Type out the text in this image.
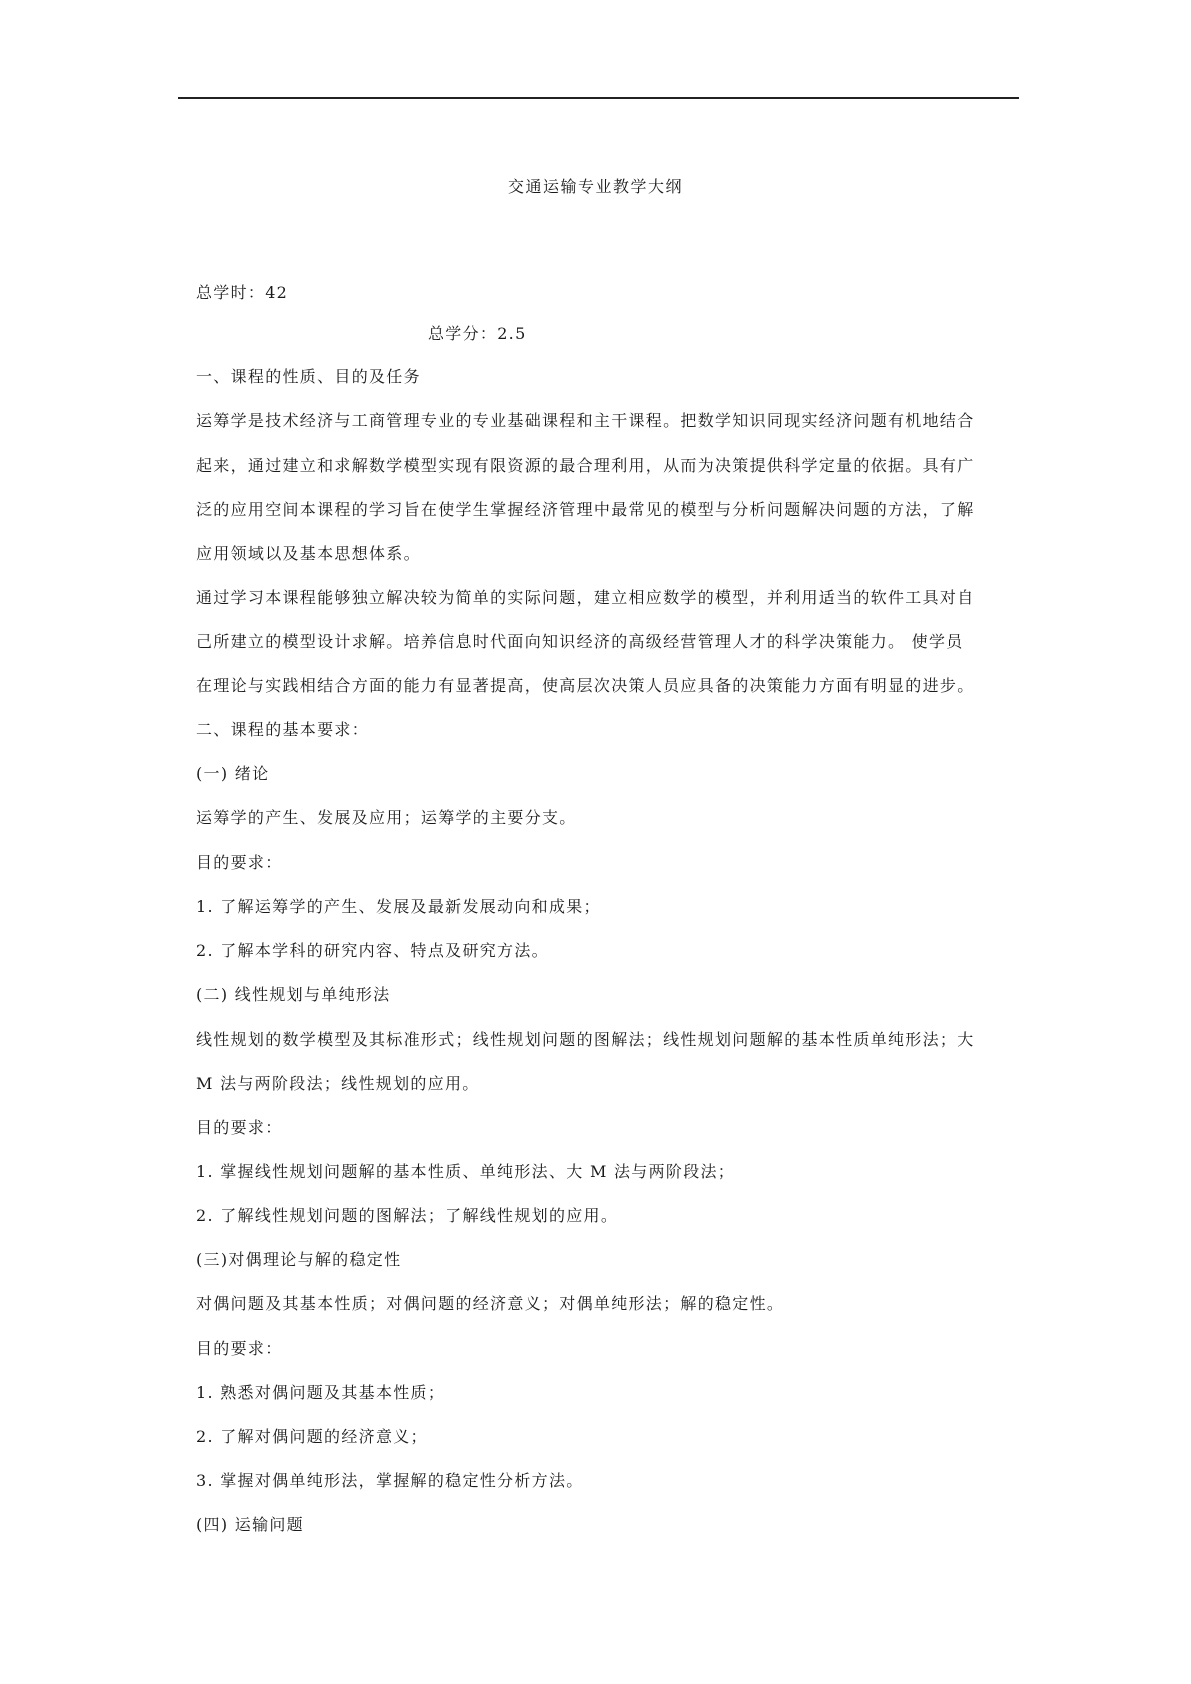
交通运输专业教学大纲
总学时：42
总学分：2.5
一、课程的性质、目的及任务
运筹学是技术经济与工商管理专业的专业基础课程和主干课程。把数学知识同现实经济问题有机地结合
起来，通过建立和求解数学模型实现有限资源的最合理利用，从而为决策提供科学定量的依据。具有广
泛的应用空间本课程的学习旨在使学生掌握经济管理中最常见的模型与分析问题解决问题的方法，了解
应用领域以及基本思想体系。
通过学习本课程能够独立解决较为简单的实际问题，建立相应数学的模型，并利用适当的软件工具对自
己所建立的模型设计求解。培养信息时代面向知识经济的高级经营管理人才的科学决策能力。 使学员
在理论与实践相结合方面的能力有显著提高，使高层次决策人员应具备的决策能力方面有明显的进步。
二、课程的基本要求：
(一) 绪论
运筹学的产生、发展及应用；运筹学的主要分支。
目的要求：
1. 了解运筹学的产生、发展及最新发展动向和成果；
2. 了解本学科的研究内容、特点及研究方法。
(二) 线性规划与单纯形法
线性规划的数学模型及其标准形式；线性规划问题的图解法；线性规划问题解的基本性质单纯形法；大
M 法与两阶段法；线性规划的应用。
目的要求：
1. 掌握线性规划问题解的基本性质、单纯形法、大 M 法与两阶段法；
2. 了解线性规划问题的图解法；了解线性规划的应用。
(三)对偶理论与解的稳定性
对偶问题及其基本性质；对偶问题的经济意义；对偶单纯形法；解的稳定性。
目的要求：
1. 熟悉对偶问题及其基本性质；
2. 了解对偶问题的经济意义；
3. 掌握对偶单纯形法，掌握解的稳定性分析方法。
(四) 运输问题
